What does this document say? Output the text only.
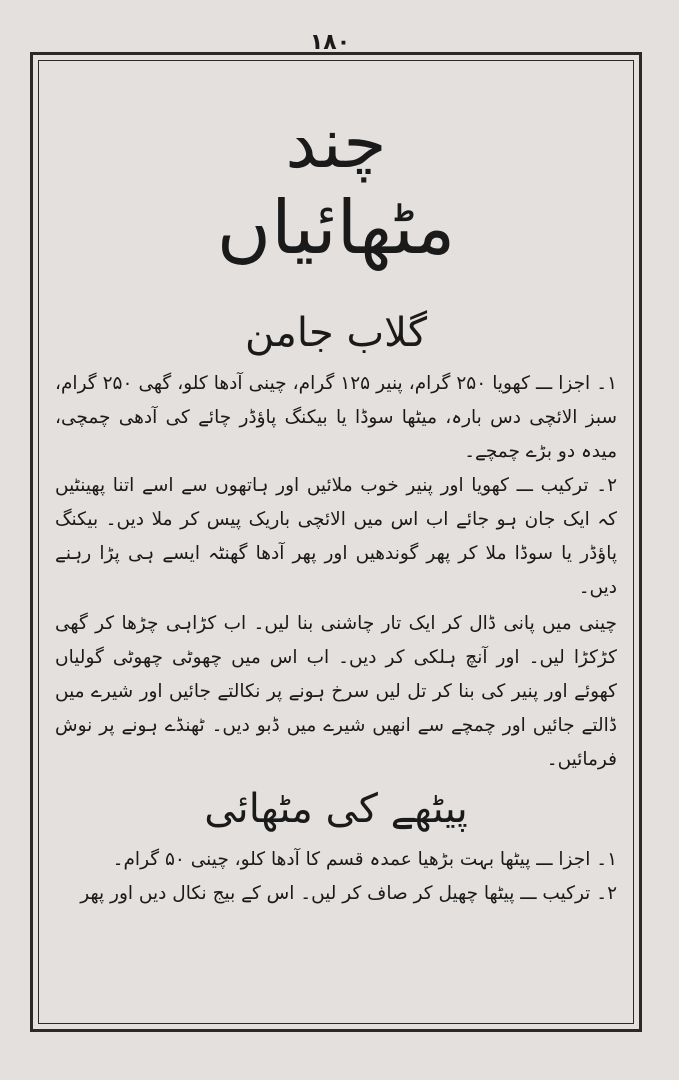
۱۸۰
چند
مٹھائیاں
گلاب جامن

۱۔ اجزا ـــ کھویا ۲۵۰ گرام، پنیر ۱۲۵ گرام، چینی آدھا کلو، گھی ۲۵۰ گرام، سبز الائچی دس بارہ، میٹھا سوڈا یا بیکنگ پاؤڈر چائے کی آدھی چمچی، میدہ دو بڑے چمچے۔

۲۔ ترکیب ـــ کھویا اور پنیر خوب ملائیں اور ہاتھوں سے اسے اتنا پھینٹیں کہ ایک جان ہو جائے اب اس میں الائچی باریک پیس کر ملا دیں۔ بیکنگ پاؤڈر یا سوڈا ملا کر پھر گوندھیں اور پھر آدھا گھنٹہ ایسے ہی پڑا رہنے دیں۔

چینی میں پانی ڈال کر ایک تار چاشنی بنا لیں۔ اب کڑاہی چڑھا کر گھی کڑکڑا لیں۔ اور آنچ ہلکی کر دیں۔ اب اس میں چھوٹی چھوٹی گولیاں کھوئے اور پنیر کی بنا کر تل لیں سرخ ہونے پر نکالتے جائیں اور شیرے میں ڈالتے جائیں اور چمچے سے انھیں شیرے میں ڈبو دیں۔ ٹھنڈے ہونے پر نوش فرمائیں۔

پیٹھے کی مٹھائی

۱۔ اجزا ـــ پیٹھا بہت بڑھیا عمدہ قسم کا آدھا کلو، چینی ۵۰ گرام۔

۲۔ ترکیب ـــ پیٹھا چھیل کر صاف کر لیں۔ اس کے بیج نکال دیں اور پھر
